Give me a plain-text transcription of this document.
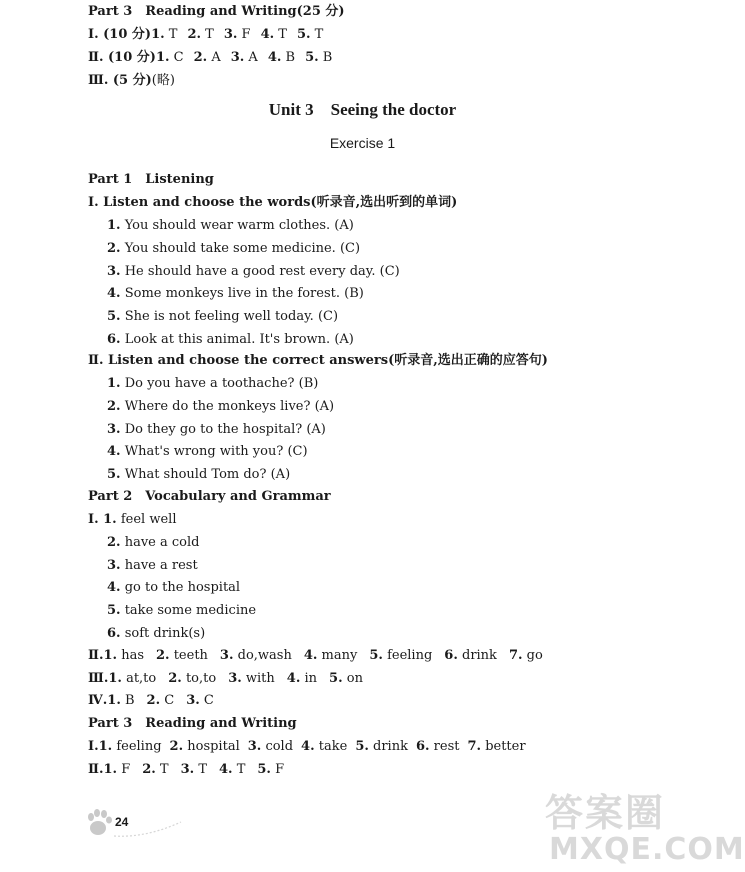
Part 3　Reading and Writing(25 分)
Ⅰ. (10 分)1. T 2. T 3. F 4. T 5. T
Ⅱ. (10 分)1. C 2. A 3. A 4. B 5. B
Ⅲ. (5 分)(略)
Unit 3　Seeing the doctor
Exercise 1
Part 1　Listening
Ⅰ. Listen and choose the words(听录音,选出听到的单词)
1. You should wear warm clothes. (A)
2. You should take some medicine. (C)
3. He should have a good rest every day. (C)
4. Some monkeys live in the forest. (B)
5. She is not feeling well today. (C)
6. Look at this animal. It's brown. (A)
Ⅱ. Listen and choose the correct answers(听录音,选出正确的应答句)
1. Do you have a toothache? (B)
2. Where do the monkeys live? (A)
3. Do they go to the hospital? (A)
4. What's wrong with you? (C)
5. What should Tom do? (A)
Part 2　Vocabulary and Grammar
Ⅰ. 1. feel well
2. have a cold
3. have a rest
4. go to the hospital
5. take some medicine
6. soft drink(s)
Ⅱ.1. has 2. teeth 3. do,wash 4. many 5. feeling 6. drink 7. go
Ⅲ.1. at,to 2. to,to 3. with 4. in 5. on
Ⅳ.1. B 2. C 3. C
Part 3　Reading and Writing
Ⅰ.1. feeling 2. hospital 3. cold 4. take 5. drink 6. rest 7. better
Ⅱ.1. F 2. T 3. T 4. T 5. F
24	答案圈
MXQE.COM
